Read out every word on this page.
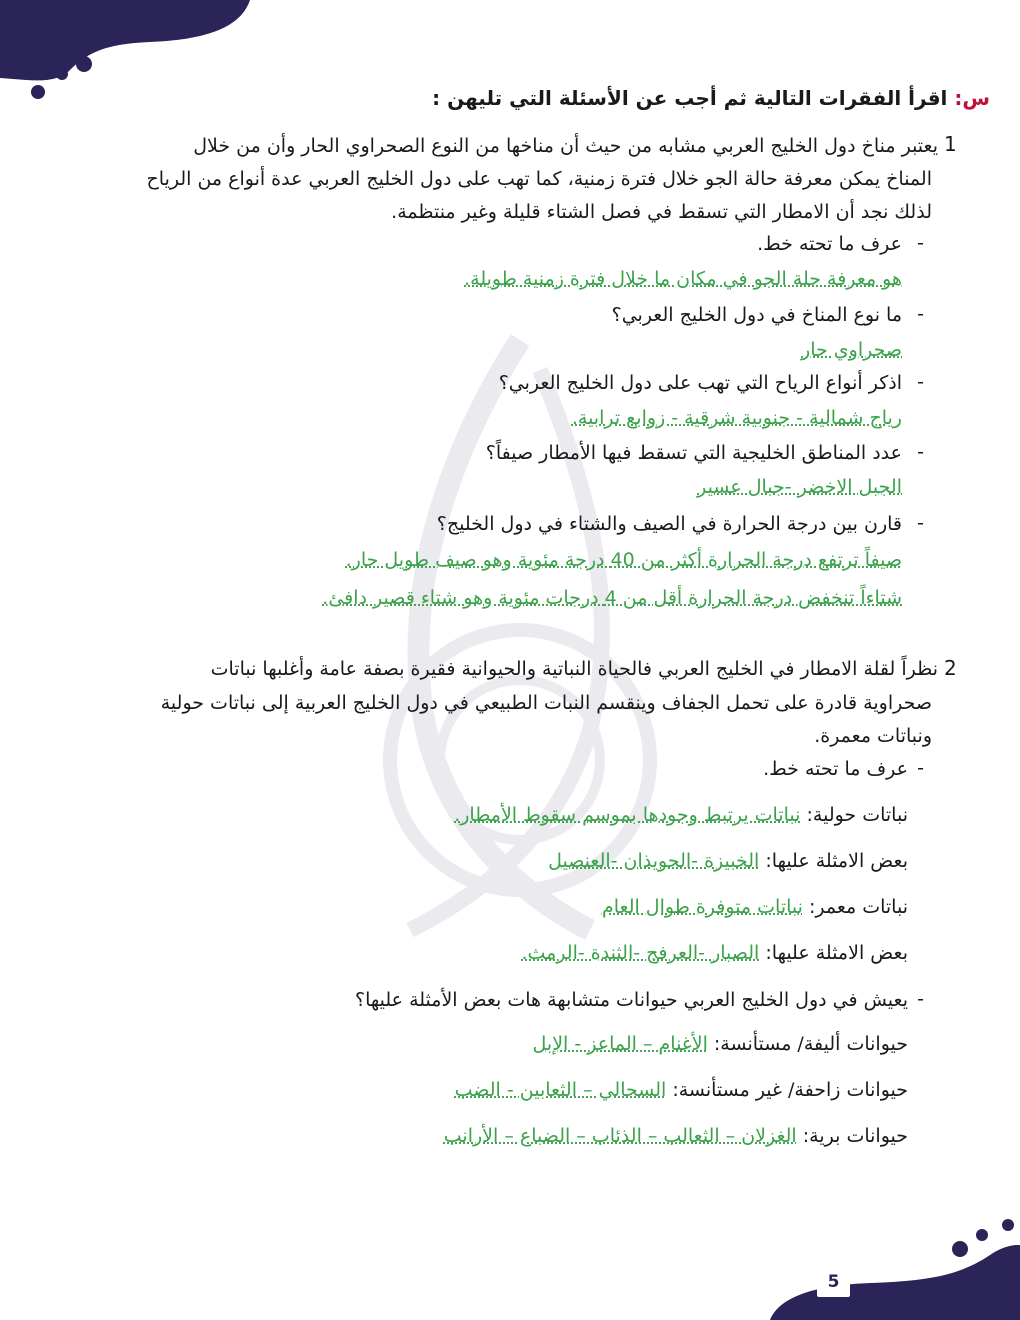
5
س: اقرأ الفقرات التالية ثم أجب عن الأسئلة التي تليهن :
1
يعتبر مناخ دول الخليج العربي مشابه من حيث أن مناخها من النوع الصحراوي الحار وأن من خلال
المناخ يمكن معرفة حالة الجو خلال فترة زمنية، كما تهب على دول الخليج العربي عدة أنواع من الرياح
لذلك نجد أن الامطار التي تسقط في فصل الشتاء قليلة وغير منتظمة.
-
عرف ما تحته خط.
هو معرفة حلة الجو في مكان ما خلال فترة زمنية طويلة.
-
ما نوع المناخ في دول الخليج العربي؟
صحراوي حار
-
اذكر أنواع الرياح التي تهب على دول الخليج العربي؟
رياح شمالية - جنوبية شرقية - زوابع ترابية.
-
عدد المناطق الخليجية التي تسقط فيها الأمطار صيفاً؟
الجبل الاخضر -جبال عسير
-
قارن بين درجة الحرارة في الصيف والشتاء في دول الخليج؟
صيفاً ترتفع درجة الحرارة أكثر من 40 درجة مئوية وهو صيف طويل حار.
شتاءاً تنخفض درجة الحرارة أقل من 4 درجات مئوية وهو شتاء قصير دافئ.
2
نظراً لقلة الامطار في الخليج العربي فالحياة النباتية والحيوانية فقيرة بصفة عامة وأغلبها نباتات
صحراوية قادرة على تحمل الجفاف وينقسم النبات الطبيعي في دول الخليج العربية إلى نباتات حولية
ونباتات معمرة.
-
عرف ما تحته خط.
نباتات حولية: نباتات يرتبط وجودها بموسم سقوط الأمطار.
بعض الامثلة عليها: الخبيزة -الحويذان -العنصيل
نباتات معمر: نباتات متوفرة طوال العام
بعض الامثلة عليها: الصبار -العرفج -الثندة -الرمث.
-
يعيش في دول الخليج العربي حيوانات متشابهة هات بعض الأمثلة عليها؟
حيوانات أليفة/ مستأنسة: الأغنام – الماعز - الإبل
حيوانات زاحفة/ غير مستأنسة: السحالي – الثعابين - الضب
حيوانات برية: الغزلان – الثعالب – الذئاب – الضباع – الأرانب
